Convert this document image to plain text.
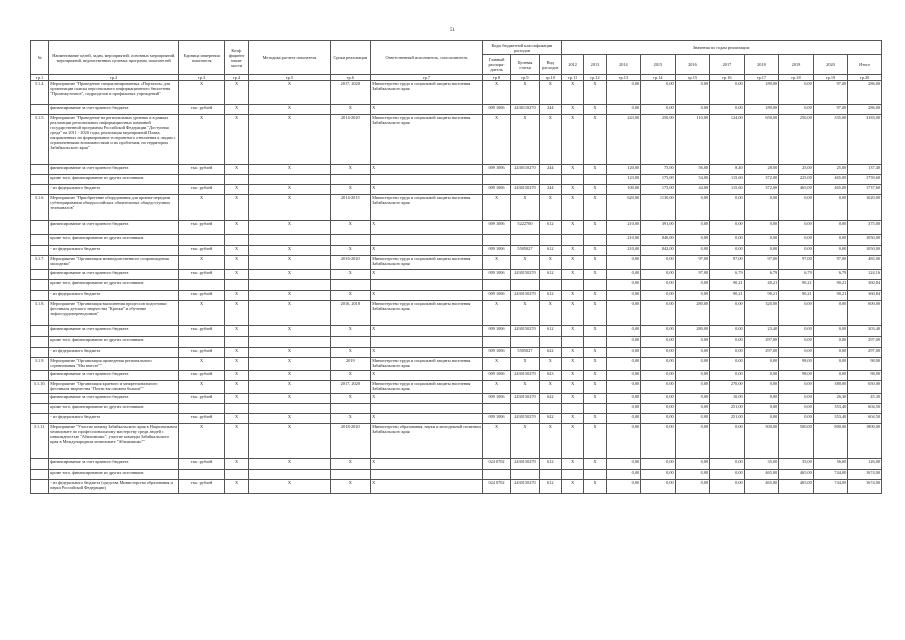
51
№	Наименование целей, задач, мероприятий, основных мероприятий, мероприятий, ведомственных целевых программ, показателей	Единица измерения показателя	Коэф. фициент значи- мости	Методика расчета показателя	Сроки реализации	Ответственный исполнитель, соисполнитель	Коды бюджетной классификации расходов			Значения по годам реализации:									
							Главный распоря- дитель	Целевая статья	Вид расходов	2012	2013	2014	2015	2016	2017	2018	2019	2020	Итого
гр.1	гр.2	гр.3	гр.4	гр.5	гр.6	гр.7	гр.8	гр.9	гр.10	гр.11	гр.12	гр.13	гр.14	гр.15	гр.16	гр.17	гр.18	гр.19	гр.20
3.1.4.	Мероприятие "Проведение специализированных «Порталов» для организации поиска персонального информационного бюллетеня "Промежуточное", подразделов и профильных учреждений"	X	X	X	2017, 2020	Министерство труда и социальной защиты населения Забайкальского края	X	X	X	X	X	0,00	0,00	0,00	0,00	189,00	0,00	97,00	286,00
	финансирование за счет краевого бюджета	тыс. рублей	X	X	X	X	009 1006	2430110270	244	X	X	0,00	0,00	0,00	0,00	189,00	0,00	97,00	286,00
3.1.5.	Мероприятие "Проведение на региональных уровнях и в рамках реализации региональных информационных кампаний государственной программы Российской Федерации "Доступная среда" на 2011 - 2020 годы; реализация мероприятий Плана, направленных на формирование толерантного отношения к людям с ограниченными возможностями и их проблемам, на территории Забайкальского края"	X	X	X	2014-2020	Министерство труда и социальной защиты населения Забайкальского края	X	X	X	X	X	243,00	250,00	110,00	124,00	650,00	250,00	335,00	3183,00
	финансирование за счет краевого бюджета	тыс. рублей	X	X	X	X	009 1006	2430110270	244	X	X	120,00	75,00	56,00	8,40	28,00	25,00	25,00	137,40
	кроме того, финансирование из других источников											123,00	175,00	54,00	115,60	372,00	225,00	465,00	1759,60
	- из федерального бюджета	тыс. рублей	X	X	X	X	009 1006	2430150270	244	X	X	100,00	175,00	44,00	115,60	372,00	465,00	465,00	1737,60
3.1.6.	Мероприятие "Приобретение оборудования для приема-передачи субтитрирования общероссийских обязательных общедоступных телеканалов"	X	X	X	2014-2015	Министерство труда и социальной защиты населения Забайкальского края	X	X	X	X	X	620,00	1130,00	0,00	0,00	0,00	0,00	0,00	1620,00
	финансирование за счет краевого бюджета	тыс. рублей	X	X	X	X	009 1006	5222700	612	X	X	210,00	391,00	0,00	0,00	0,00	0,00	0,00	375,00
	кроме того, финансирование из других источников											210,00	840,00	0,00	0,00	0,00	0,00	0,00	1050,00
	- из федерального бюджета	тыс. рублей	X	X	X	X	009 1006	5505027	612	X	X	210,00	842,00	0,00	0,00	0,00	0,00	0,00	1050,00
3.1.7.	Мероприятие "Организация межведомственного сопровождения молодежи"	X	X	X	2016-2020	Министерство труда и социальной защиты населения Забайкальского края	X	X	X	X	X	0,00	0,00	97,00	97,00	97,00	97,00	97,00	485,00
	финансирование за счет краевого бюджета	тыс. рублей	X	X	X	X	009 1006	2430150270	612	X	X	0,00	0,00	97,00	6,79	6,79	6,79	6,79	124,16
	кроме того, финансирование из других источников											0,00	0,00	0,00	90,21	40,21	90,21	90,21	360,84
	- из федерального бюджета	тыс. рублей	X	X	X	X	009 1006	2430150270	612	X	X	0,00	0,00	0,00	90,21	90,21	90,21	90,21	360,84
3.1.8.	Мероприятие "Организация выполнения процессов подготовки фестиваля детского творчества "Краски" и обучение тифлосурдопереводчиков"	X	X	X	2016, 2018	Министерство труда и социальной защиты населения Забайкальского края	X	X	X	X	X	0,00	0,00	280,00	0,00	320,00	0,00	0,00	600,00
	финансирование за счет краевого бюджета	тыс. рублей	X	X	X	X	009 1006	2430150270	612	X	X	0,00	0,00	280,00	0,00	23,40	0,00	0,00	303,40
	кроме того, финансирование из других источников											0,00	0,00	0,00	0,00	297,00	0,00	0,00	297,00
	- из федерального бюджета	тыс. рублей	X	X	X	X	009 1006	5505027	622	X	X	0,00	0,00	0,00	0,00	297,00	0,00	0,00	297,00
3.1.9.	Мероприятие "Организация проведения регионального соревнования "Мы вместе""	X	X	X	2019	Министерство труда и социальной защиты населения Забайкальского края	X	X	X	X	X	0,00	0,00	0,00	0,00	0,00	98,00	0,00	98,00
	финансирование за счет краевого бюджета	тыс. рублей	X	X	X	X	009 1006	2430150270	623	X	X	0,00	0,00	0,00	0,00	0,00	98,00	0,00	98,00
3.1.10.	Мероприятие "Организация краевого и межрегионального фестиваля творчества "Почти вы сможем больше""	X	X	X	2017, 2020	Министерство труда и социальной защиты населения Забайкальского края	X	X	X	X	X	0,00	0,00	0,00	270,00	0,00	0,00	380,00	650,00
	финансирование за счет краевого бюджета	тыс. рублей	X	X	X	X	009 1006	2430150270	622	X	X	0,00	0,00	0,00	10,00	0,00	0,00	26,30	45,30
	кроме того, финансирование из других источников											0,00	0,00	0,00	251,00	0,00	0,00	353,40	604,50
	- из федерального бюджета	тыс. рублей	X	X	X	X	009 1006	2430150270	622	X	X	0,00	0,00	0,00	251,00	0,00	0,00	353,40	604,50
3.1.11.	Мероприятие "Участие команд Забайкальского края в Национальном чемпионате по профессиональному мастерству среди людей с инвалидностью "Абилимпикс", участие команды Забайкальского края в Международном чемпионате "Абилимпикс""	X	X	X	2018-2020	Министерство образования, науки и молодежной политики Забайкальского края	X	X	X	X	X	0,00	0,00	0,00	0,00	500,00	500,00	800,00	1800,00
	финансирование за счет краевого бюджета	тыс. рублей	X	X	X	X	024 0702	2430150270	612	X	X	0,00	0,00	0,00	0,00	35,00	35,00	56,00	126,00
	кроме того, финансирование из других источников											0,00	0,00	0,00	0,00	465,00	465,00	744,00	1674,00
	- из федерального бюджета (средства Министерства образования и науки Российской Федерации)	тыс. рублей	X	X	X	X	024 0702	2430150270	612	X	X	0,00	0,00	0,00	0,00	465,00	465,00	744,00	1674,00
